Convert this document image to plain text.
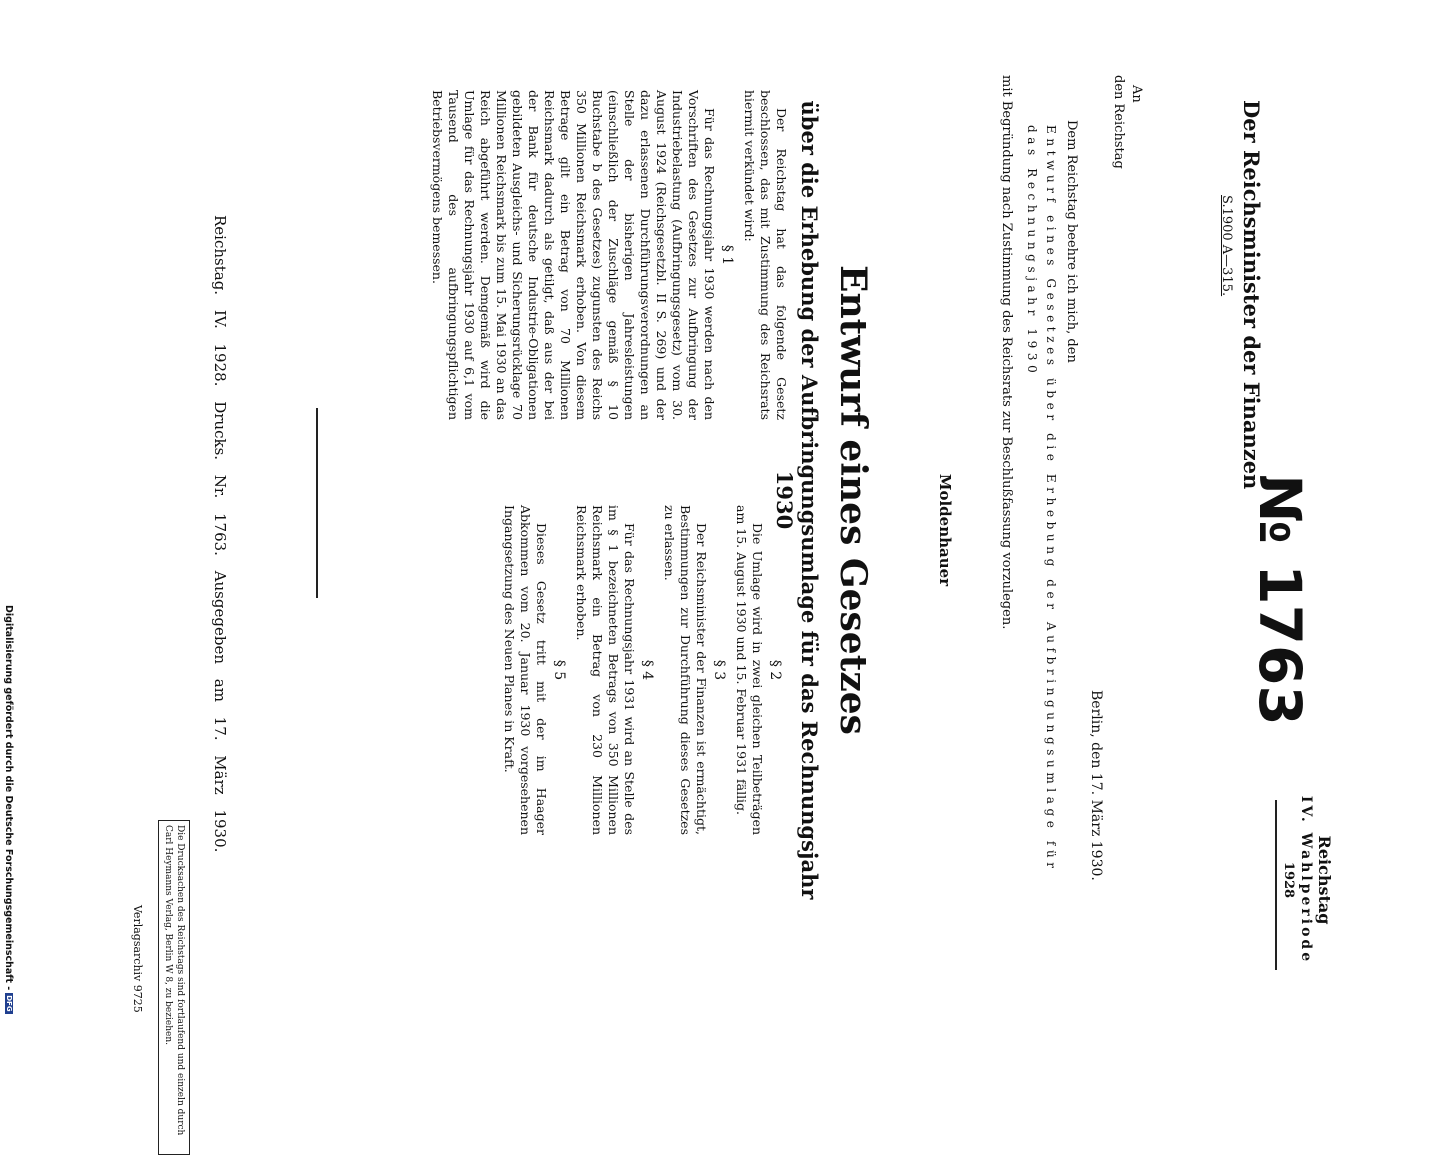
№ 1763
Reichstag
IV. Wahlperiode
1928
Der Reichsminister der Finanzen
S.1900 A—315.
Berlin, den 17. März 1930.
An
den Reichstag
Dem Reichstag beehre ich mich, den
Entwurf eines Gesetzes über die Erhebung der Aufbringungsumlage für das Rechnungsjahr 1930
mit Begründung nach Zustimmung des Reichsrats zur Beschlußfassung vorzulegen.
Moldenhauer
Entwurf eines Gesetzes
über die Erhebung der Aufbringungsumlage für das Rechnungsjahr 1930

Der Reichstag hat das folgende Gesetz beschlossen, das mit Zustimmung des Reichsrats hiermit verkündet wird:

§ 1

Für das Rechnungsjahr 1930 werden nach den Vorschriften des Gesetzes zur Aufbringung der Industriebelastung (Aufbringungsgesetz) vom 30. August 1924 (Reichsgesetzbl. II S. 269) und der dazu erlassenen Durchführungsverordnungen an Stelle der bisherigen Jahresleistungen (einschließlich der Zuschläge gemäß § 10 Buchstabe b des Gesetzes) zugunsten des Reichs 350 Millionen Reichsmark erhoben. Von diesem Betrage gilt ein Betrag von 70 Millionen Reichsmark dadurch als getilgt, daß aus der bei der Bank für deutsche Industrie-Obligationen gebildeten Ausgleichs- und Sicherungsrücklage 70 Millionen Reichsmark bis zum 15. Mai 1930 an das Reich abgeführt werden. Demgemäß wird die Umlage für das Rechnungsjahr 1930 auf 6,1 vom Tausend des aufbringungspflichtigen Betriebsvermögens bemessen.

§ 2

Die Umlage wird in zwei gleichen Teilbeträgen am 15. August 1930 und 15. Februar 1931 fällig.

§ 3

Der Reichsminister der Finanzen ist ermächtigt, Bestimmungen zur Durchführung dieses Gesetzes zu erlassen.

§ 4

Für das Rechnungsjahr 1931 wird an Stelle des im § 1 bezeichneten Betrags von 350 Millionen Reichsmark ein Betrag von 230 Millionen Reichsmark erhoben.

§ 5

Dieses Gesetz tritt mit der im Haager Abkommen vom 20. Januar 1930 vorgesehenen Ingangsetzung des Neuen Planes in Kraft.

Reichstag. IV. 1928. Drucks. Nr. 1763. Ausgegeben am 17. März 1930.
Die Drucksachen des Reichstags sind fortlaufend und einzeln durch Carl Heymanns Verlag, Berlin W 8, zu beziehen.
Verlagsarchiv 9725
Digitalisierung gefördert durch die Deutsche Forschungsgemeinschaft -
DFG
